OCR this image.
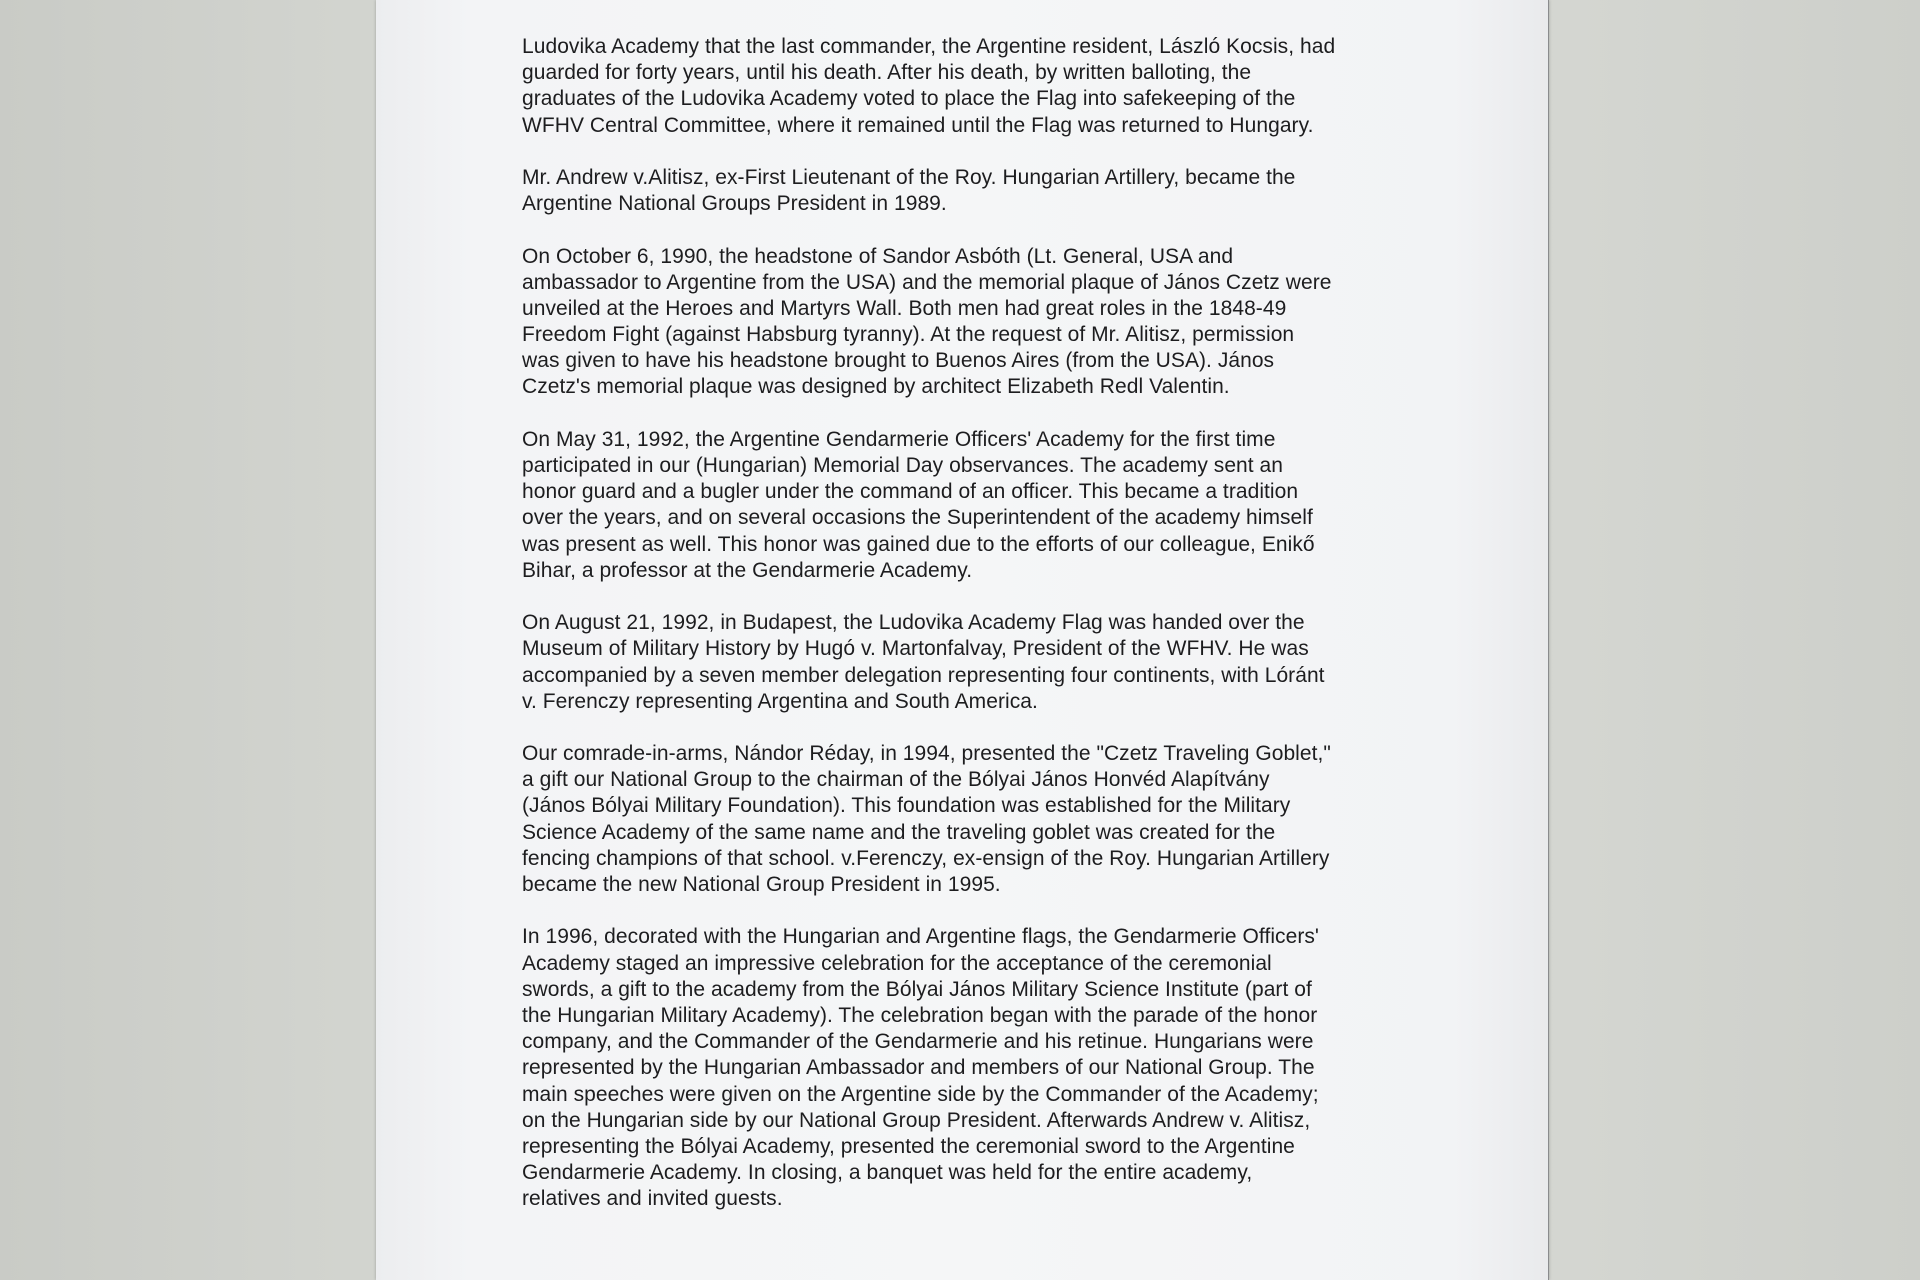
Ludovika Academy that the last commander, the Argentine resident, László Kocsis, had
guarded for forty years, until his death. After his death, by written balloting, the
graduates of the Ludovika Academy voted to place the Flag into safekeeping of the
WFHV Central Committee, where it remained until the Flag was returned to Hungary.
Mr. Andrew v.Alitisz, ex-First Lieutenant of the Roy. Hungarian Artillery, became the
Argentine National Groups President in 1989.
On October 6, 1990, the headstone of Sandor Asbóth (Lt. General, USA and
ambassador to Argentine from the USA) and the memorial plaque of János Czetz were
unveiled at the Heroes and Martyrs Wall. Both men had great roles in the 1848-49
Freedom Fight (against Habsburg tyranny). At the request of Mr. Alitisz, permission
was given to have his headstone brought to Buenos Aires (from the USA). János
Czetz's memorial plaque was designed by architect Elizabeth Redl Valentin.
On May 31, 1992, the Argentine Gendarmerie Officers' Academy for the first time
participated in our (Hungarian) Memorial Day observances. The academy sent an
honor guard and a bugler under the command of an officer. This became a tradition
over the years, and on several occasions the Superintendent of the academy himself
was present as well. This honor was gained due to the efforts of our colleague, Enikő
Bihar, a professor at the Gendarmerie Academy.
On August 21, 1992, in Budapest, the Ludovika Academy Flag was handed over the
Museum of Military History by Hugó v. Martonfalvay, President of the WFHV. He was
accompanied by a seven member delegation representing four continents, with Lóránt
v. Ferenczy representing Argentina and South America.
Our comrade-in-arms, Nándor Réday, in 1994, presented the "Czetz Traveling Goblet,"
a gift our National Group to the chairman of the Bólyai János Honvéd Alapítvány
(János Bólyai Military Foundation). This foundation was established for the Military
Science Academy of the same name and the traveling goblet was created for the
fencing champions of that school. v.Ferenczy, ex-ensign of the Roy. Hungarian Artillery
became the new National Group President in 1995.
In 1996, decorated with the Hungarian and Argentine flags, the Gendarmerie Officers'
Academy staged an impressive celebration for the acceptance of the ceremonial
swords, a gift to the academy from the Bólyai János Military Science Institute (part of
the Hungarian Military Academy). The celebration began with the parade of the honor
company, and the Commander of the Gendarmerie and his retinue. Hungarians were
represented by the Hungarian Ambassador and members of our National Group. The
main speeches were given on the Argentine side by the Commander of the Academy;
on the Hungarian side by our National Group President. Afterwards Andrew v. Alitisz,
representing the Bólyai Academy, presented the ceremonial sword to the Argentine
Gendarmerie Academy. In closing, a banquet was held for the entire academy,
relatives and invited guests.
